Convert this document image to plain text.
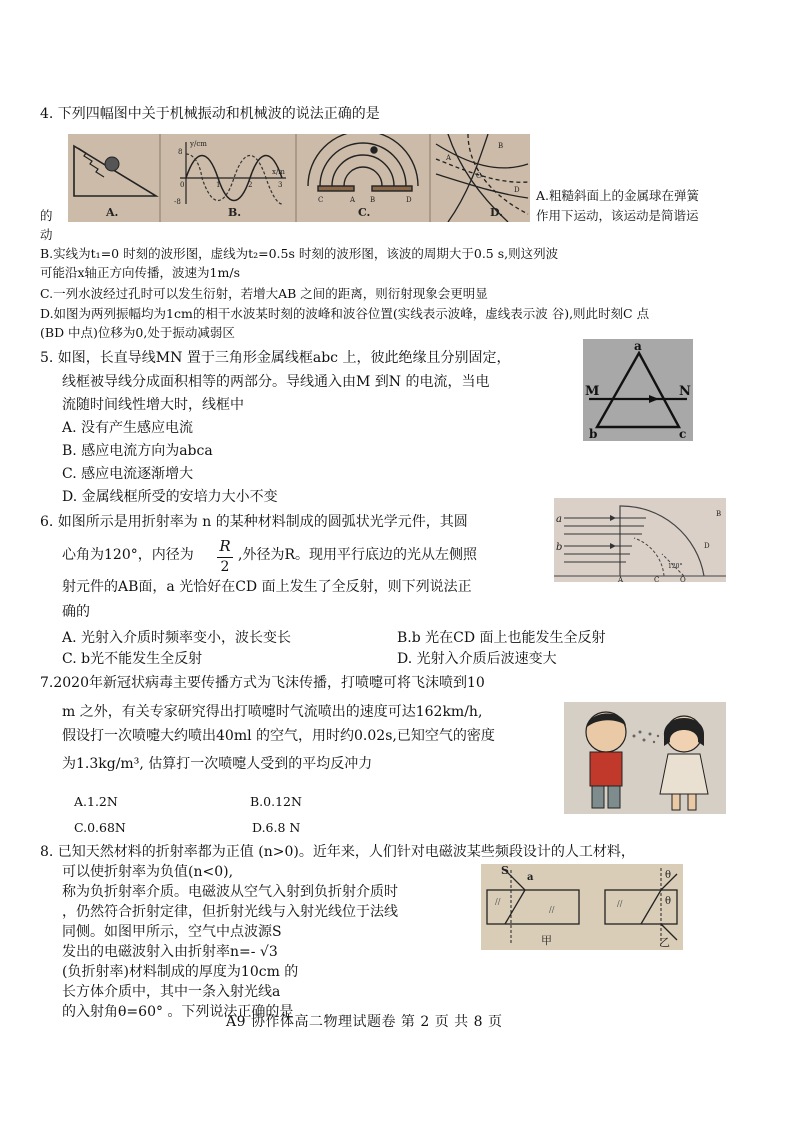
4. 下列四幅图中关于机械振动和机械波的说法正确的是
A.
y/cm
x/m
8
-8
0	1	2	3
B.
C	A B	D
C.
A
B
C
D
D.
A.粗糙斜面上的金属球在弹簧
的	作用下运动，该运动是简谐运
动
B.实线为t₁=0 时刻的波形图，虚线为t₂=0.5s 时刻的波形图，该波的周期大于0.5 s,则这列波
可能沿x轴正方向传播，波速为1m/s
C.一列水波经过孔时可以发生衍射，若增大AB 之间的距离，则衍射现象会更明显
D.如图为两列振幅均为1cm的相干水波某时刻的波峰和波谷位置(实线表示波峰，虚线表示波 谷),则此时刻C 点
(BD 中点)位移为0,处于振动减弱区
5. 如图，长直导线MN 置于三角形金属线框abc 上，彼此绝缘且分别固定，
线框被导线分成面积相等的两部分。导线通入由M 到N 的电流，当电
流随时间线性增大时，线框中
A. 没有产生感应电流
B. 感应电流方向为abca
C. 感应电流逐渐增大
D. 金属线框所受的安培力大小不变
a
b	c
M	N
6. 如图所示是用折射率为 n 的某种材料制成的圆弧状光学元件，其圆
心角为120°，内径为 R
2
,外径为R。现用平行底边的光从左侧照
射元件的AB面，a 光恰好在CD 面上发生了全反射，则下列说法正
确的
A. 光射入介质时频率变小，波长变长	B.b 光在CD 面上也能发生全反射
C. b光不能发生全反射	D. 光射入介质后波速变大
a
b
B
D
A	C	O
120°
7.2020年新冠状病毒主要传播方式为飞沫传播，打喷嚏可将飞沫喷到10
m 之外，有关专家研究得出打喷嚏时气流喷出的速度可达162km/h,
假设打一次喷嚏大约喷出40ml 的空气，用时约0.02s,已知空气的密度
为1.3kg/m³, 估算打一次喷嚏人受到的平均反冲力
A.1.2N	B.0.12N
C.0.68N	D.6.8 N
8. 已知天然材料的折射率都为正值 (n>0)。近年来，人们针对电磁波某些频段设计的人工材料，
可以使折射率为负值(n<0),
称为负折射率介质。电磁波从空气入射到负折射介质时
，仍然符合折射定律，但折射光线与入射光线位于法线
同侧。如图甲所示，空气中点波源S
发出的电磁波射入由折射率n=- √3
(负折射率)材料制成的厚度为10cm 的
长方体介质中，其中一条入射光线a
的入射角θ=60° 。下列说法正确的是
//
//
S
a
甲
//
θ
θ
乙
A9 协作体高二物理试题卷 第 2 页 共 8 页
